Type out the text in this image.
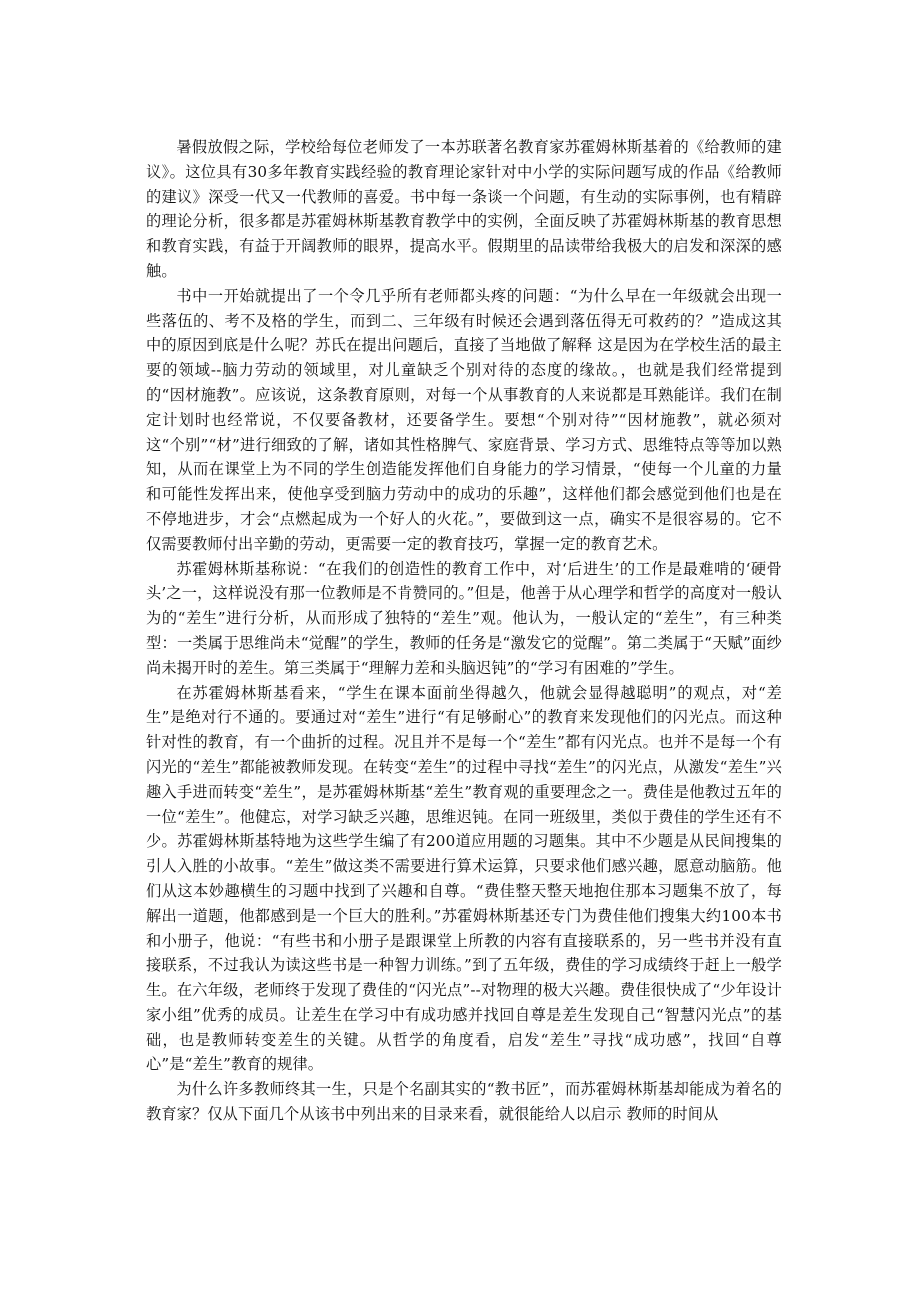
暑假放假之际，学校给每位老师发了一本苏联著名教育家苏霍姆林斯基着的《给教师的建议》。这位具有30多年教育实践经验的教育理论家针对中小学的实际问题写成的作品《给教师的建议》深受一代又一代教师的喜爱。书中每一条谈一个问题，有生动的实际事例，也有精辟的理论分析，很多都是苏霍姆林斯基教育教学中的实例，全面反映了苏霍姆林斯基的教育思想和教育实践，有益于开阔教师的眼界，提高水平。假期里的品读带给我极大的启发和深深的感触。

书中一开始就提出了一个令几乎所有老师都头疼的问题：“为什么早在一年级就会出现一些落伍的、考不及格的学生，而到二、三年级有时候还会遇到落伍得无可救药的？”造成这其中的原因到底是什么呢？苏氏在提出问题后，直接了当地做了解释 这是因为在学校生活的最主要的领域--脑力劳动的领域里，对儿童缺乏个别对待的态度的缘故。，也就是我们经常提到的“因材施教”。应该说，这条教育原则，对每一个从事教育的人来说都是耳熟能详。我们在制定计划时也经常说，不仅要备教材，还要备学生。要想“个别对待”“因材施教”，就必须对这“个别”“材”进行细致的了解，诸如其性格脾气、家庭背景、学习方式、思维特点等等加以熟知，从而在课堂上为不同的学生创造能发挥他们自身能力的学习情景，“使每一个儿童的力量和可能性发挥出来，使他享受到脑力劳动中的成功的乐趣”，这样他们都会感觉到他们也是在不停地进步，才会“点燃起成为一个好人的火花。”，要做到这一点，确实不是很容易的。它不仅需要教师付出辛勤的劳动，更需要一定的教育技巧，掌握一定的教育艺术。

苏霍姆林斯基称说：“在我们的创造性的教育工作中，对‘后进生’的工作是最难啃的‘硬骨头’之一，这样说没有那一位教师是不肯赞同的。”但是，他善于从心理学和哲学的高度对一般认为的“差生”进行分析，从而形成了独特的“差生”观。他认为，一般认定的“差生”，有三种类型：一类属于思维尚未“觉醒”的学生，教师的任务是“激发它的觉醒”。第二类属于“天赋”面纱尚未揭开时的差生。第三类属于“理解力差和头脑迟钝”的“学习有困难的”学生。

在苏霍姆林斯基看来，“学生在课本面前坐得越久，他就会显得越聪明”的观点，对“差生”是绝对行不通的。要通过对“差生”进行“有足够耐心”的教育来发现他们的闪光点。而这种针对性的教育，有一个曲折的过程。况且并不是每一个“差生”都有闪光点。也并不是每一个有闪光的“差生”都能被教师发现。在转变“差生”的过程中寻找“差生”的闪光点，从激发“差生”兴趣入手进而转变“差生”，是苏霍姆林斯基“差生”教育观的重要理念之一。费佳是他教过五年的一位“差生”。他健忘，对学习缺乏兴趣，思维迟钝。在同一班级里，类似于费佳的学生还有不少。苏霍姆林斯基特地为这些学生编了有200道应用题的习题集。其中不少题是从民间搜集的引人入胜的小故事。“差生”做这类不需要进行算术运算，只要求他们感兴趣，愿意动脑筋。他们从这本妙趣横生的习题中找到了兴趣和自尊。“费佳整天整天地抱住那本习题集不放了，每解出一道题，他都感到是一个巨大的胜利。”苏霍姆林斯基还专门为费佳他们搜集大约100本书和小册子，他说：“有些书和小册子是跟课堂上所教的内容有直接联系的，另一些书并没有直接联系，不过我认为读这些书是一种智力训练。”到了五年级，费佳的学习成绩终于赶上一般学生。在六年级，老师终于发现了费佳的“闪光点”--对物理的极大兴趣。费佳很快成了“少年设计家小组”优秀的成员。让差生在学习中有成功感并找回自尊是差生发现自己“智慧闪光点”的基础，也是教师转变差生的关键。从哲学的角度看，启发“差生”寻找“成功感”，找回“自尊心”是“差生”教育的规律。

为什么许多教师终其一生，只是个名副其实的“教书匠”，而苏霍姆林斯基却能成为着名的教育家？仅从下面几个从该书中列出来的目录来看，就很能给人以启示 教师的时间从
